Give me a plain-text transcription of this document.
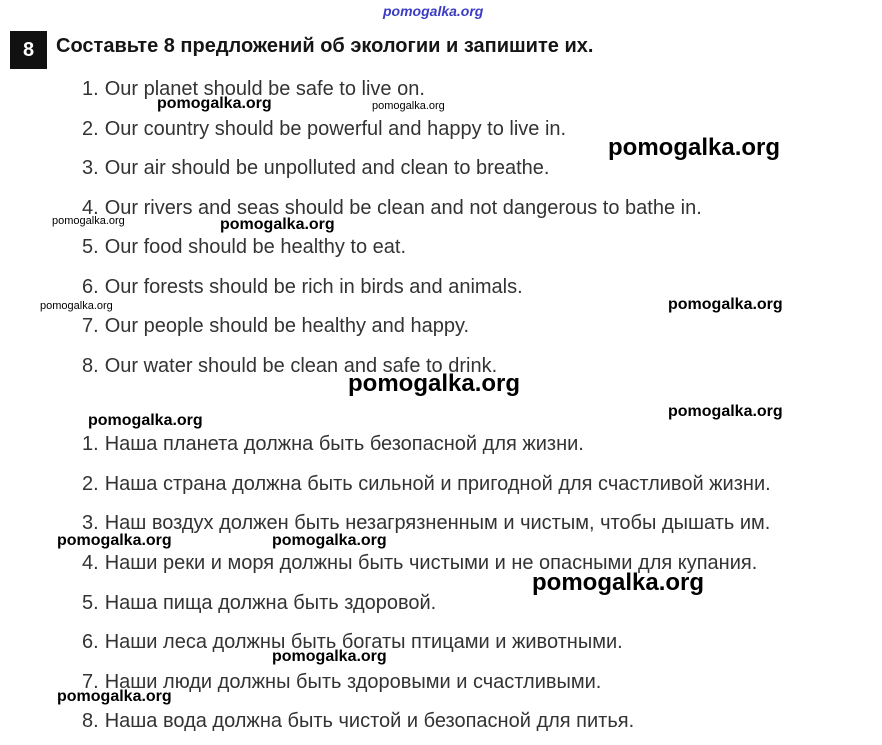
pomogalka.org
8	Составьте 8 предложений об экологии и запишите их.
1. Our planet should be safe to live on.
2. Our country should be powerful and happy to live in.
3. Our air should be unpolluted and clean to breathe.
4. Our rivers and seas should be clean and not dangerous to bathe in.
5. Our food should be healthy to eat.
6. Our forests should be rich in birds and animals.
7. Our people should be healthy and happy.
8. Our water should be clean and safe to drink.
1. Наша планета должна быть безопасной для жизни.
2. Наша страна должна быть сильной и пригодной для счастливой жизни.
3. Наш воздух должен быть незагрязненным и чистым, чтобы дышать им.
4. Наши реки и моря должны быть чистыми и не опасными для купания.
5. Наша пища должна быть здоровой.
6. Наши леса должны быть богаты птицами и животными.
7. Наши люди должны быть здоровыми и счастливыми.
8. Наша вода должна быть чистой и безопасной для питья.
pomogalka.org	pomogalka.org
pomogalka.org
pomogalka.org	pomogalka.org
pomogalka.org	pomogalka.org
pomogalka.org
pomogalka.org
pomogalka.org
pomogalka.org	pomogalka.org
pomogalka.org
pomogalka.org
pomogalka.org
